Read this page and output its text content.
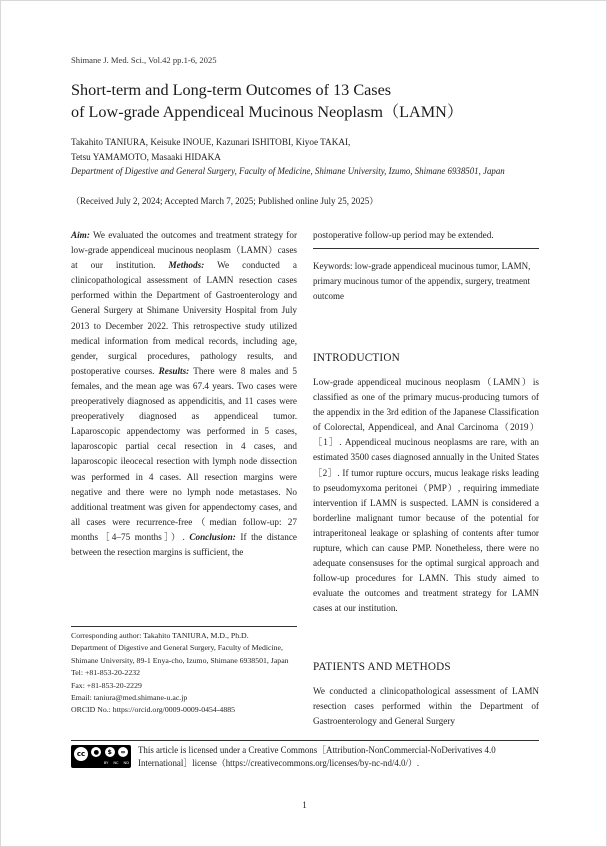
Shimane J. Med. Sci., Vol.42 pp.1-6, 2025
Short-term and Long-term Outcomes of 13 Cases
of Low-grade Appendiceal Mucinous Neoplasm（LAMN）
Takahito TANIURA, Keisuke INOUE, Kazunari ISHITOBI, Kiyoe TAKAI,
Tetsu YAMAMOTO, Masaaki HIDAKA
Department of Digestive and General Surgery, Faculty of Medicine, Shimane University, Izumo, Shimane 6938501, Japan
（Received July 2, 2024; Accepted March 7, 2025; Published online July 25, 2025）
Aim: We evaluated the outcomes and treatment strategy for low-grade appendiceal mucinous neoplasm（LAMN）cases at our institution. Methods: We conducted a clinicopathological assessment of LAMN resection cases performed within the Department of Gastroenterology and General Surgery at Shimane University Hospital from July 2013 to December 2022. This retrospective study utilized medical information from medical records, including age, gender, surgical procedures, pathology results, and postoperative courses. Results: There were 8 males and 5 females, and the mean age was 67.4 years. Two cases were preoperatively diagnosed as appendicitis, and 11 cases were preoperatively diagnosed as appendiceal tumor. Laparoscopic appendectomy was performed in 5 cases, laparoscopic partial cecal resection in 4 cases, and laparoscopic ileocecal resection with lymph node dissection was performed in 4 cases. All resection margins were negative and there were no lymph node metastases. No additional treatment was given for appendectomy cases, and all cases were recurrence-free（median follow-up: 27 months［4–75 months］）. Conclusion: If the distance between the resection margins is sufficient, the
postoperative follow-up period may be extended.
Keywords: low-grade appendiceal mucinous tumor, LAMN, primary mucinous tumor of the appendix, surgery, treatment outcome
INTRODUCTION
Low-grade appendiceal mucinous neoplasm（LAMN）is classified as one of the primary mucus-producing tumors of the appendix in the 3rd edition of the Japanese Classification of Colorectal, Appendiceal, and Anal Carcinoma（2019）［1］. Appendiceal mucinous neoplasms are rare, with an estimated 3500 cases diagnosed annually in the United States［2］. If tumor rupture occurs, mucus leakage risks leading to pseudomyxoma peritonei（PMP）, requiring immediate intervention if LAMN is suspected. LAMN is considered a borderline malignant tumor because of the potential for intraperitoneal leakage or splashing of contents after tumor rupture, which can cause PMP. Nonetheless, there were no adequate consensuses for the optimal surgical approach and follow-up procedures for LAMN. This study aimed to evaluate the outcomes and treatment strategy for LAMN cases at our institution.
PATIENTS AND METHODS
We conducted a clinicopathological assessment of LAMN resection cases performed within the Department of Gastroenterology and General Surgery
Corresponding author: Takahito TANIURA, M.D., Ph.D.
Department of Digestive and General Surgery, Faculty of Medicine, Shimane University, 89-1 Enya-cho, Izumo, Shimane 6938501, Japan
Tel: +81-853-20-2232
Fax: +81-853-20-2229
Email: taniura@med.shimane-u.ac.jp
ORCID No.: https://orcid.org/0009-0009-0454-4885
cc	●	$	=
BY NC ND
This article is licensed under a Creative Commons［Attribution-NonCommercial-NoDerivatives 4.0 International］license（https://creativecommons.org/licenses/by-nc-nd/4.0/）.
1
